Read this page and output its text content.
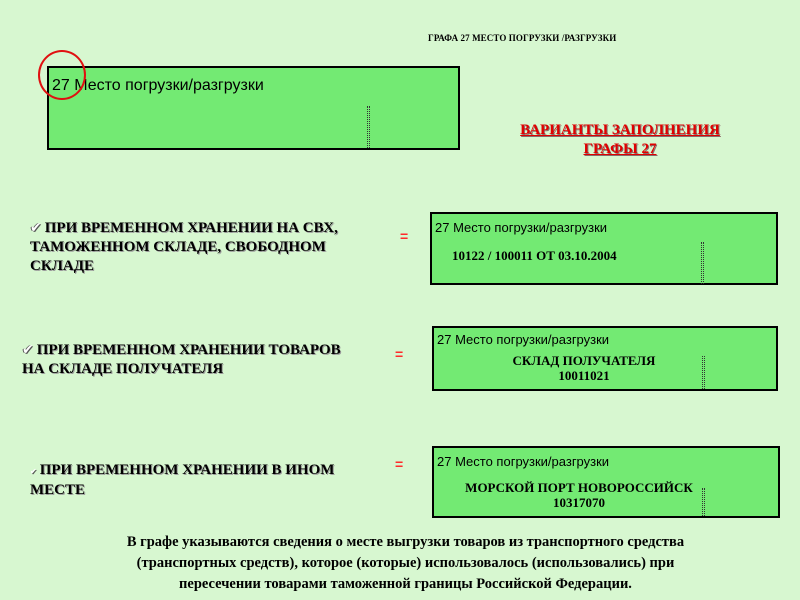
ГРАФА 27 МЕСТО ПОГРУЗКИ /РАЗГРУЗКИ
27 Место погрузки/разгрузки
ВАРИАНТЫ ЗАПОЛНЕНИЯ
ГРАФЫ 27
✔ ПРИ ВРЕМЕННОМ ХРАНЕНИИ НА СВХ,
ТАМОЖЕННОМ СКЛАДЕ, СВОБОДНОМ
СКЛАДЕ
=
27 Место погрузки/разгрузки
10122 / 100011 ОТ 03.10.2004
✔ ПРИ ВРЕМЕННОМ ХРАНЕНИИ ТОВАРОВ
НА СКЛАДЕ ПОЛУЧАТЕЛЯ
=
27 Место погрузки/разгрузки
СКЛАД ПОЛУЧАТЕЛЯ
10011021
✔ ПРИ ВРЕМЕННОМ ХРАНЕНИИ В ИНОМ
МЕСТЕ
=	27 Место погрузки/разгрузки
МОРСКОЙ ПОРТ НОВОРОССИЙСК
10317070
В графе указываются сведения о месте выгрузки товаров из транспортного средства
(транспортных средств), которое (которые) использовалось (использовались) при
пересечении товарами таможенной границы Российской Федерации.
